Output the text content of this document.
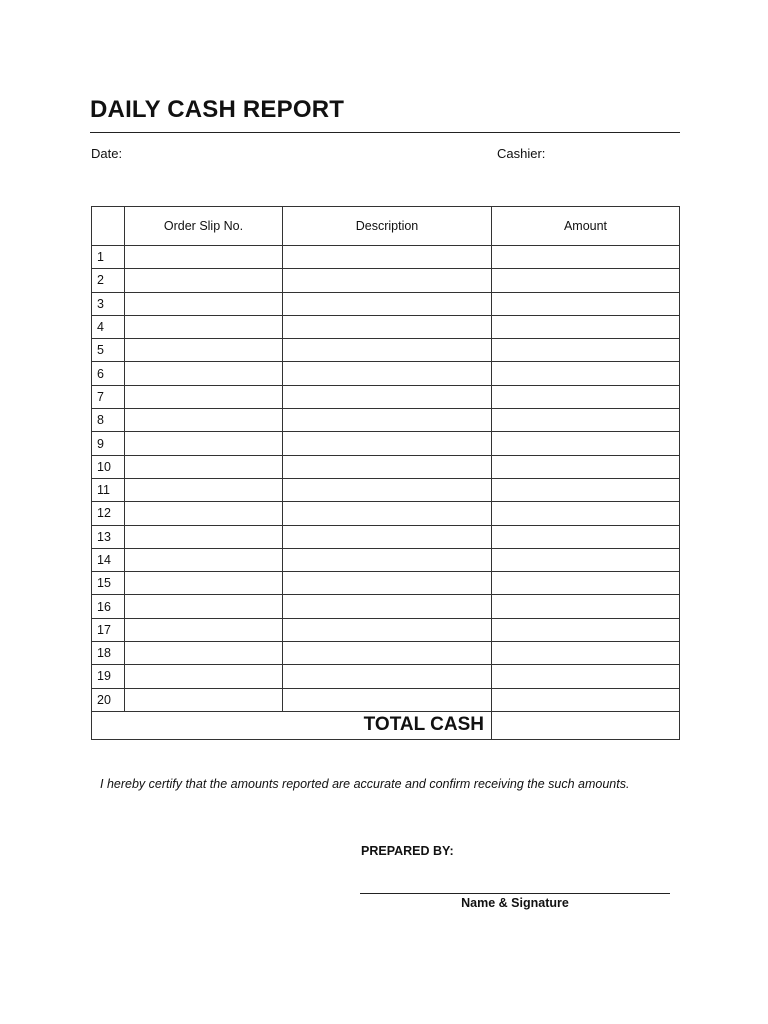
DAILY CASH REPORT
Date:	Cashier:
	Order Slip No.	Description	Amount
1			
2			
3			
4			
5			
6			
7			
8			
9			
10			
11			
12			
13			
14			
15			
16			
17			
18			
19			
20			
TOTAL CASH			
I hereby certify that the amounts reported are accurate and confirm receiving the such amounts.
PREPARED BY:
Name & Signature
